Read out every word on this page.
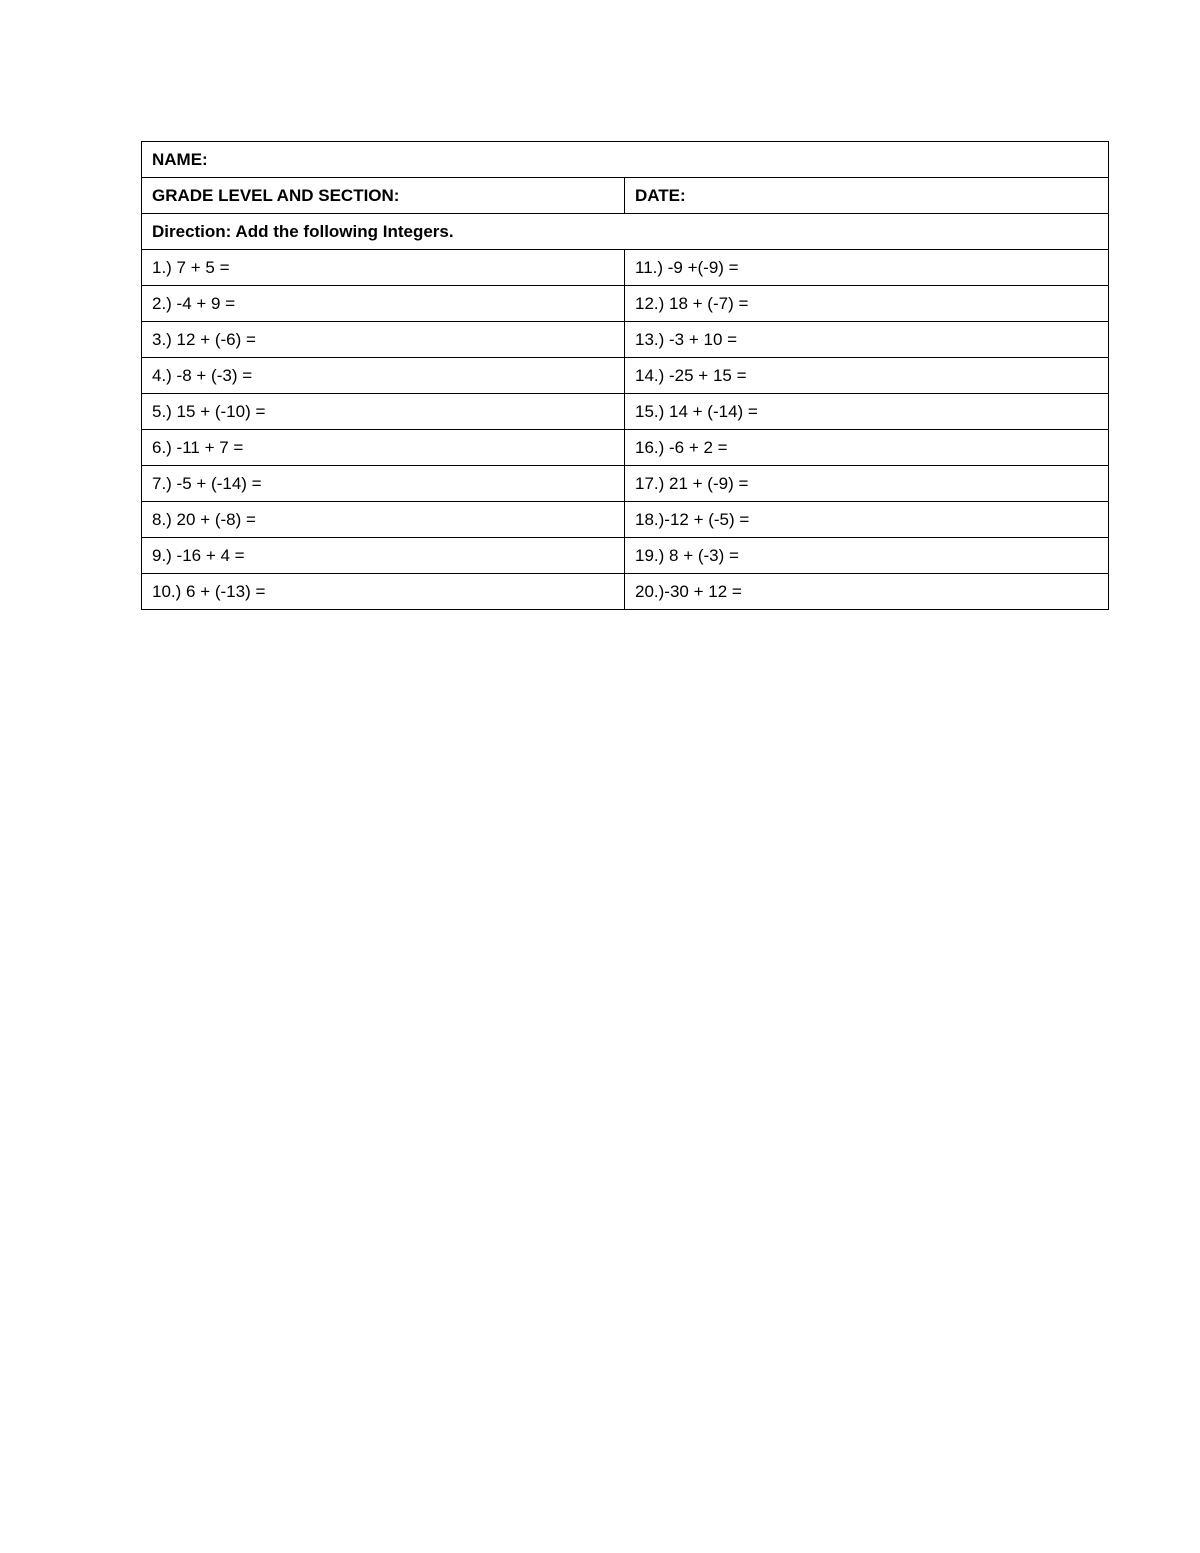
NAME:	
GRADE LEVEL AND SECTION:	DATE:
Direction: Add the following Integers.	
1.) 7 + 5 =	11.) -9 +(-9) =
2.) -4 + 9 =	12.) 18 + (-7) =
3.) 12 + (-6) =	13.) -3 + 10 =
4.) -8 + (-3) =	14.) -25 + 15 =
5.) 15 + (-10) =	15.) 14 + (-14) =
6.) -11 + 7 =	16.) -6 + 2 =
7.) -5 + (-14) =	17.) 21 + (-9) =
8.) 20 + (-8) =	18.)-12 + (-5) =
9.) -16 + 4 =	19.) 8 + (-3) =
10.) 6 + (-13) =	20.)-30 + 12 =
